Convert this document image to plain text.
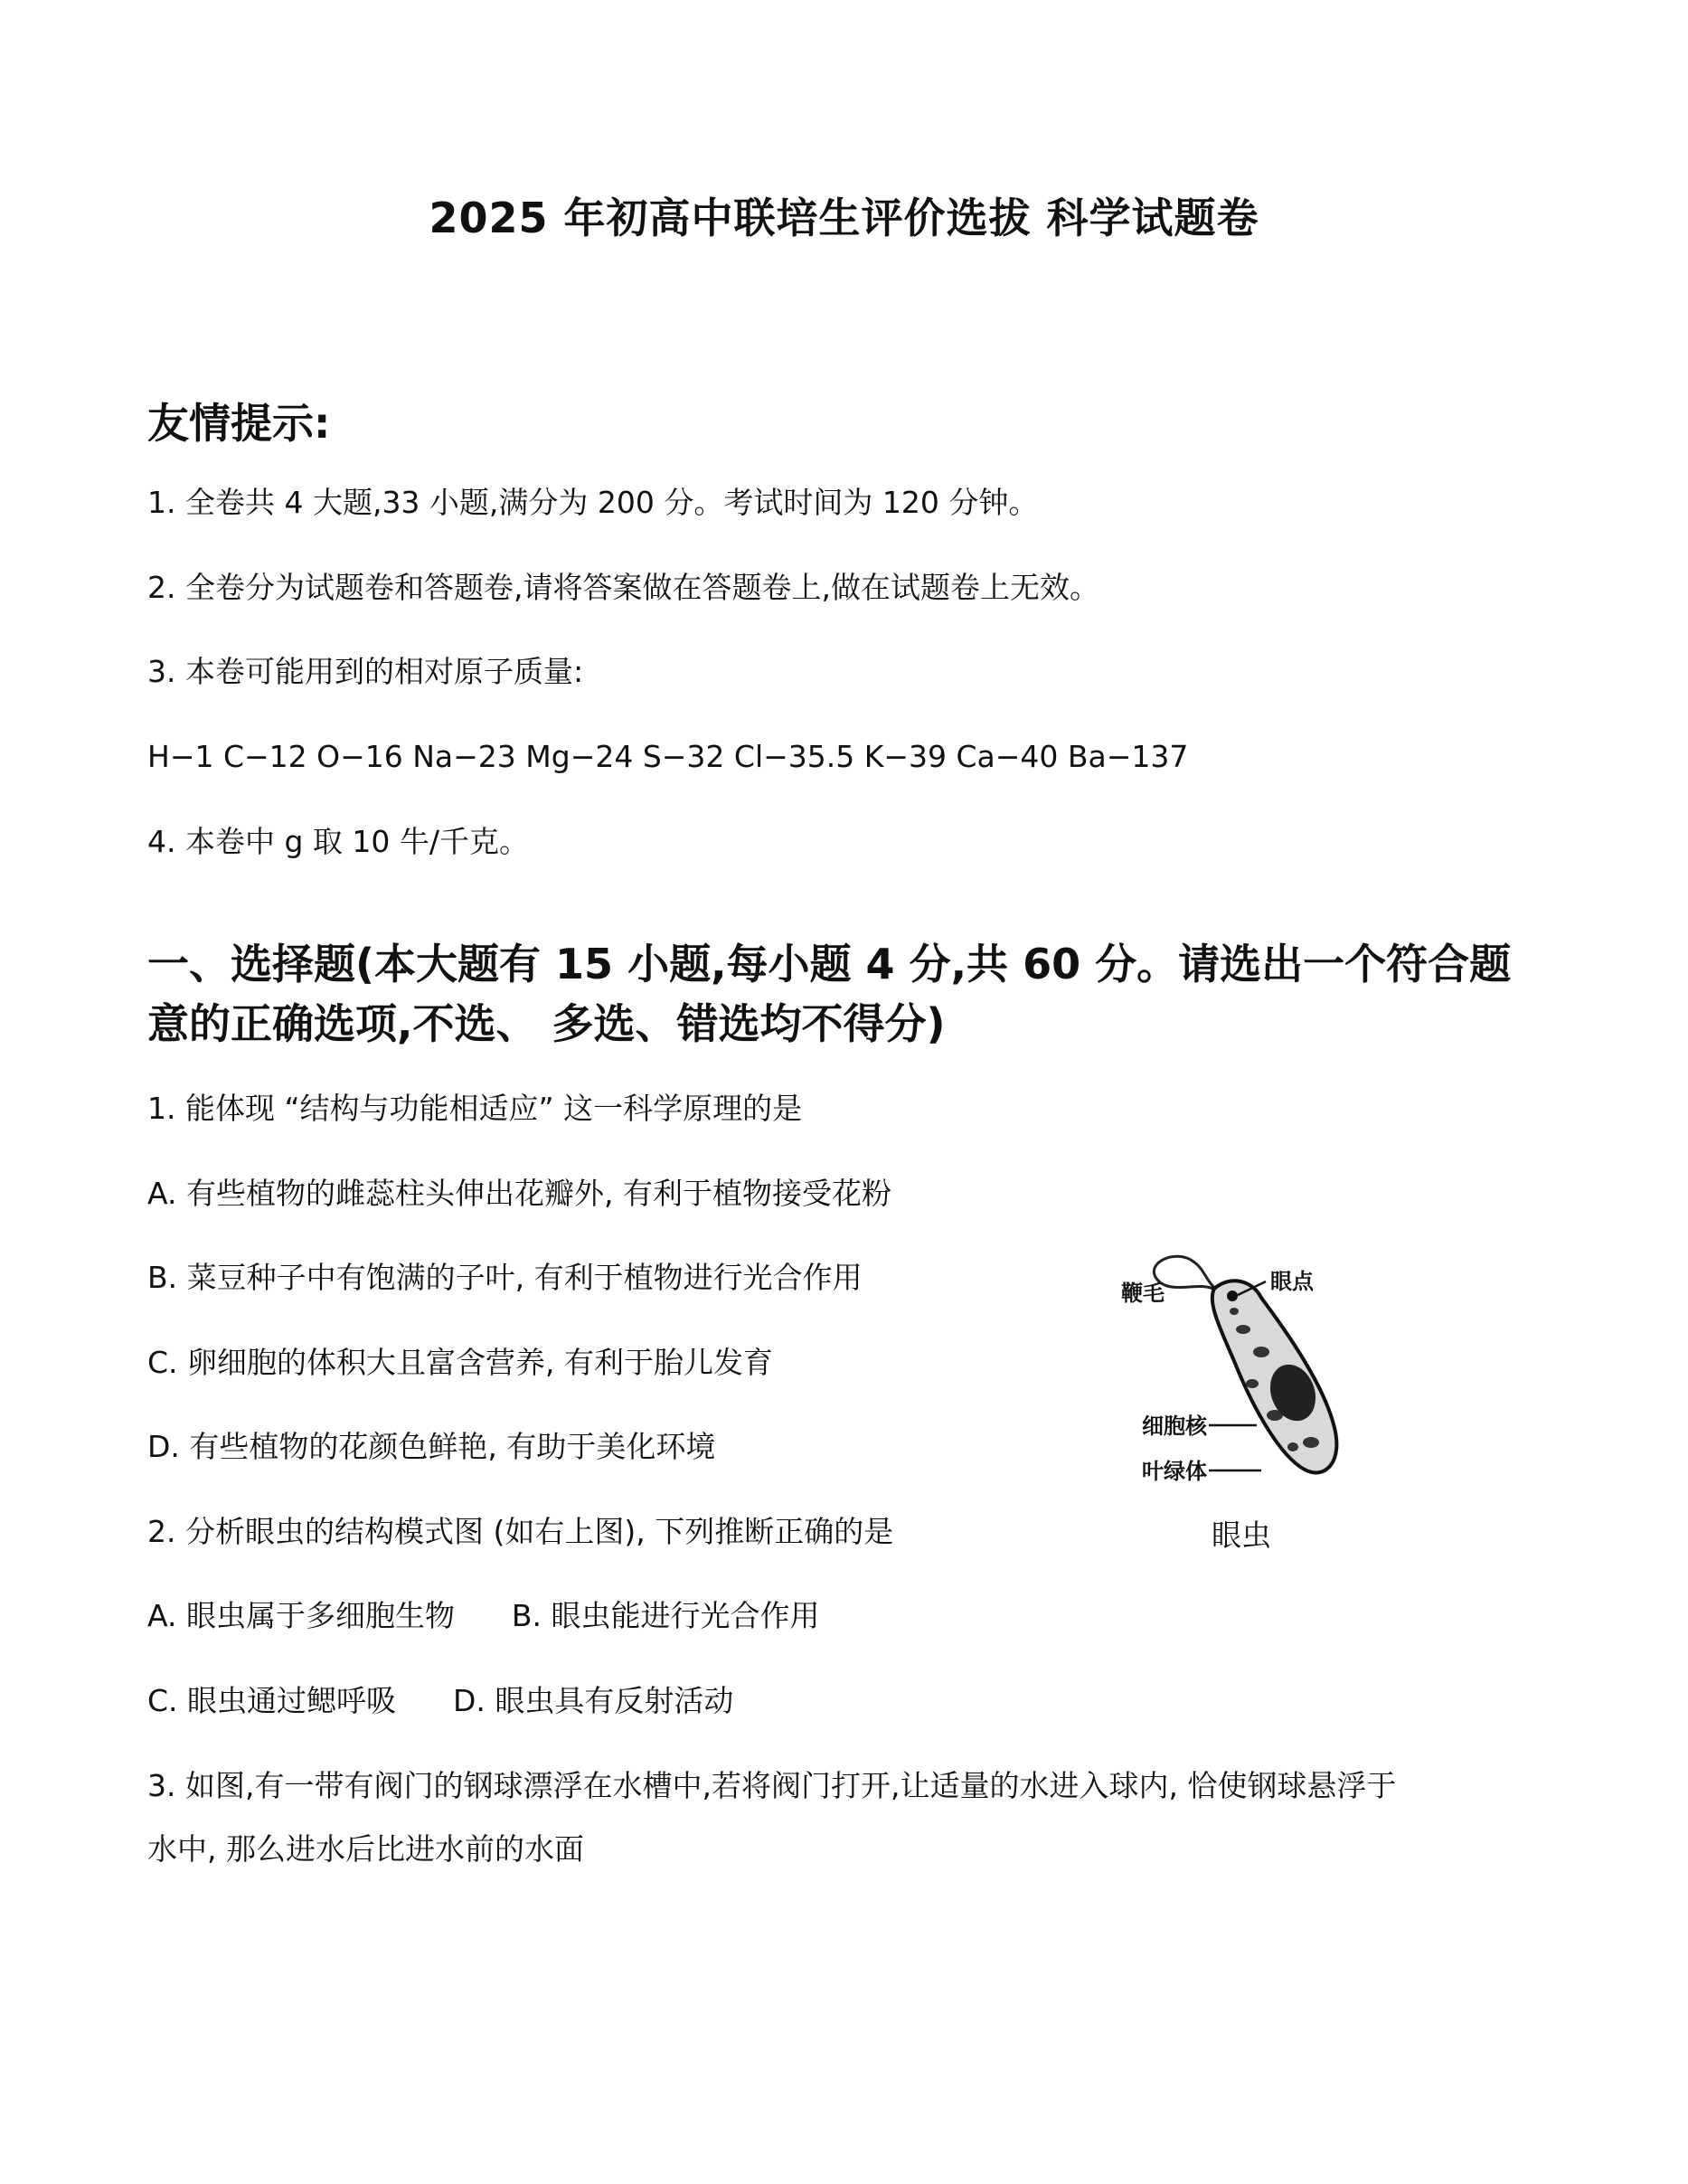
2025 年初高中联培生评价选拔 科学试题卷
友情提示:
1. 全卷共 4 大题,33 小题,满分为 200 分。考试时间为 120 分钟。
2. 全卷分为试题卷和答题卷,请将答案做在答题卷上,做在试题卷上无效。
3. 本卷可能用到的相对原子质量:
H−1 C−12 O−16 Na−23 Mg−24 S−32 Cl−35.5 K−39 Ca−40 Ba−137
4. 本卷中 g 取 10 牛/千克。
一、选择题(本大题有 15 小题,每小题 4 分,共 60 分。请选出一个符合题
意的正确选项,不选、 多选、错选均不得分)
1. 能体现 “结构与功能相适应” 这一科学原理的是
A. 有些植物的雌蕊柱头伸出花瓣外, 有利于植物接受花粉
B. 菜豆种子中有饱满的子叶, 有利于植物进行光合作用
C. 卵细胞的体积大且富含营养, 有利于胎儿发育
D. 有些植物的花颜色鲜艳, 有助于美化环境
2. 分析眼虫的结构模式图 (如右上图), 下列推断正确的是
A. 眼虫属于多细胞生物      B. 眼虫能进行光合作用
C. 眼虫通过鳃呼吸      D. 眼虫具有反射活动
3. 如图,有一带有阀门的钢球漂浮在水槽中,若将阀门打开,让适量的水进入球内, 恰使钢球悬浮于
水中, 那么进水后比进水前的水面
鞭毛	眼点
细胞核
叶绿体
眼虫
